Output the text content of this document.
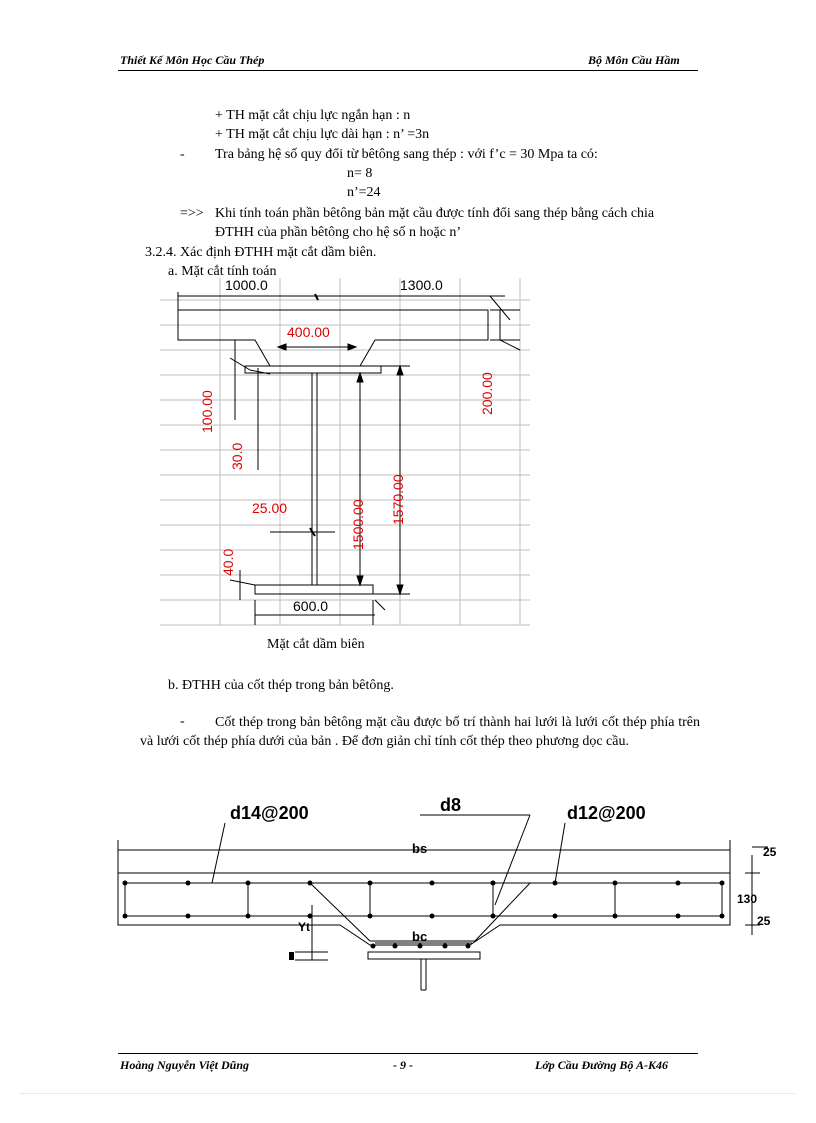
Thiết Kế Môn Học Cầu Thép	Bộ Môn Cầu Hầm
+ TH mặt cắt chịu lực ngắn hạn : n
+ TH mặt cắt chịu lực dài hạn : n’ =3n
- Tra bảng hệ số quy đổi từ bêtông sang thép : với f’c = 30 Mpa ta có:
n= 8
n’=24
=>> Khi tính toán phần bêtông bản mặt cầu được tính đổi sang thép bằng cách chia
ĐTHH của phần bêtông cho hệ số n hoặc n’
3.2.4. Xác định ĐTHH mặt cắt dầm biên.
a. Mặt cắt tính toán
1000.0	1300.0
400.00
100.00	200.00
30.0
25.00	1500.00 1570.00
40.0
600.0
Mặt cắt dầm biên
b. ĐTHH của cốt thép trong bản bêtông.
-	Cốt thép trong bản bêtông mặt cầu được bố trí thành hai lưới là lưới cốt thép phía trên và lưới cốt thép phía dưới của bản . Để đơn giản chỉ tính cốt thép theo phương dọc cầu.
d14@200	d8	d12@200
bs
bc
Yt
25
130
25
Hoàng Nguyễn Việt Dũng	- 9 -	Lớp Cầu Đường Bộ A-K46
